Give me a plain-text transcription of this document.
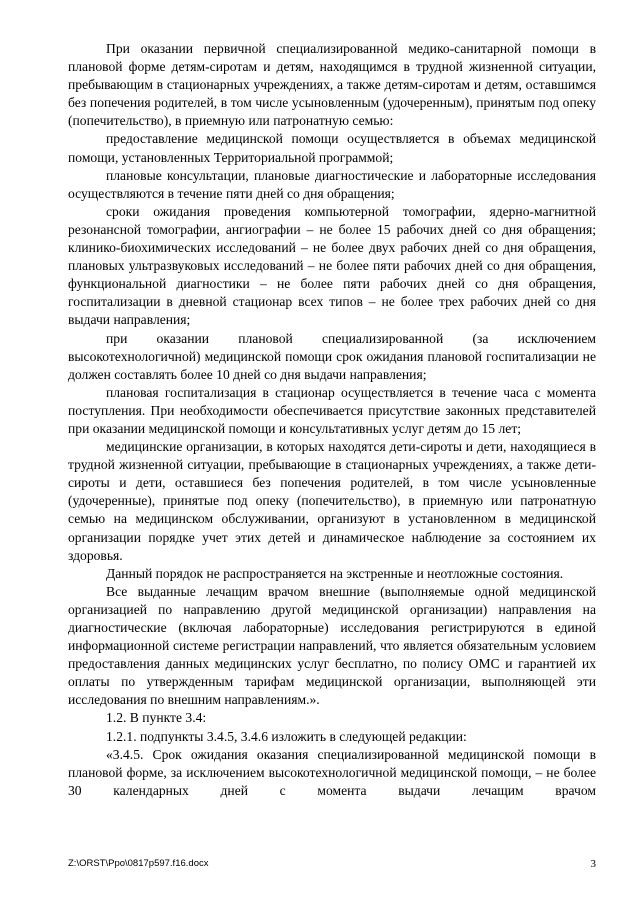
При оказании первичной специализированной медико-санитарной помощи в плановой форме детям-сиротам и детям, находящимся в трудной жизненной ситуации, пребывающим в стационарных учреждениях, а также детям-сиротам и детям, оставшимся без попечения родителей, в том числе усыновленным (удочеренным), принятым под опеку (попечительство), в приемную или патронатную семью:

предоставление медицинской помощи осуществляется в объемах медицинской помощи, установленных Территориальной программой;

плановые консультации, плановые диагностические и лабораторные исследования осуществляются в течение пяти дней со дня обращения;

сроки ожидания проведения компьютерной томографии, ядерно-магнитной резонансной томографии, ангиографии – не более 15 рабочих дней со дня обращения; клинико-биохимических исследований – не более двух рабочих дней со дня обращения, плановых ультразвуковых исследований – не более пяти рабочих дней со дня обращения, функциональной диагностики – не более пяти рабочих дней со дня обращения, госпитализации в дневной стационар всех типов – не более трех рабочих дней со дня выдачи направления;

при оказании плановой специализированной (за исключением высокотехнологичной) медицинской помощи срок ожидания плановой госпитализации не должен составлять более 10 дней со дня выдачи направления;

плановая госпитализация в стационар осуществляется в течение часа с момента поступления. При необходимости обеспечивается присутствие законных представителей при оказании медицинской помощи и консультативных услуг детям до 15 лет;

медицинские организации, в которых находятся дети-сироты и дети, находящиеся в трудной жизненной ситуации, пребывающие в стационарных учреждениях, а также дети-сироты и дети, оставшиеся без попечения родителей, в том числе усыновленные (удочеренные), принятые под опеку (попечительство), в приемную или патронатную семью на медицинском обслуживании, организуют в установленном в медицинской организации порядке учет этих детей и динамическое наблюдение за состоянием их здоровья.

Данный порядок не распространяется на экстренные и неотложные состояния.

Все выданные лечащим врачом внешние (выполняемые одной медицинской организацией по направлению другой медицинской организации) направления на диагностические (включая лабораторные) исследования регистрируются в единой информационной системе регистрации направлений, что является обязательным условием предоставления данных медицинских услуг бесплатно, по полису ОМС и гарантией их оплаты по утвержденным тарифам медицинской организации, выполняющей эти исследования по внешним направлениям.».

1.2. В пункте 3.4:

1.2.1. подпункты 3.4.5, 3.4.6 изложить в следующей редакции:

«3.4.5. Срок ожидания оказания специализированной медицинской помощи в плановой форме, за исключением высокотехнологичной медицинской помощи, – не более 30 календарных дней с момента выдачи лечащим врачом

Z:\ORST\Ppo\0817p597.f16.docx	3
